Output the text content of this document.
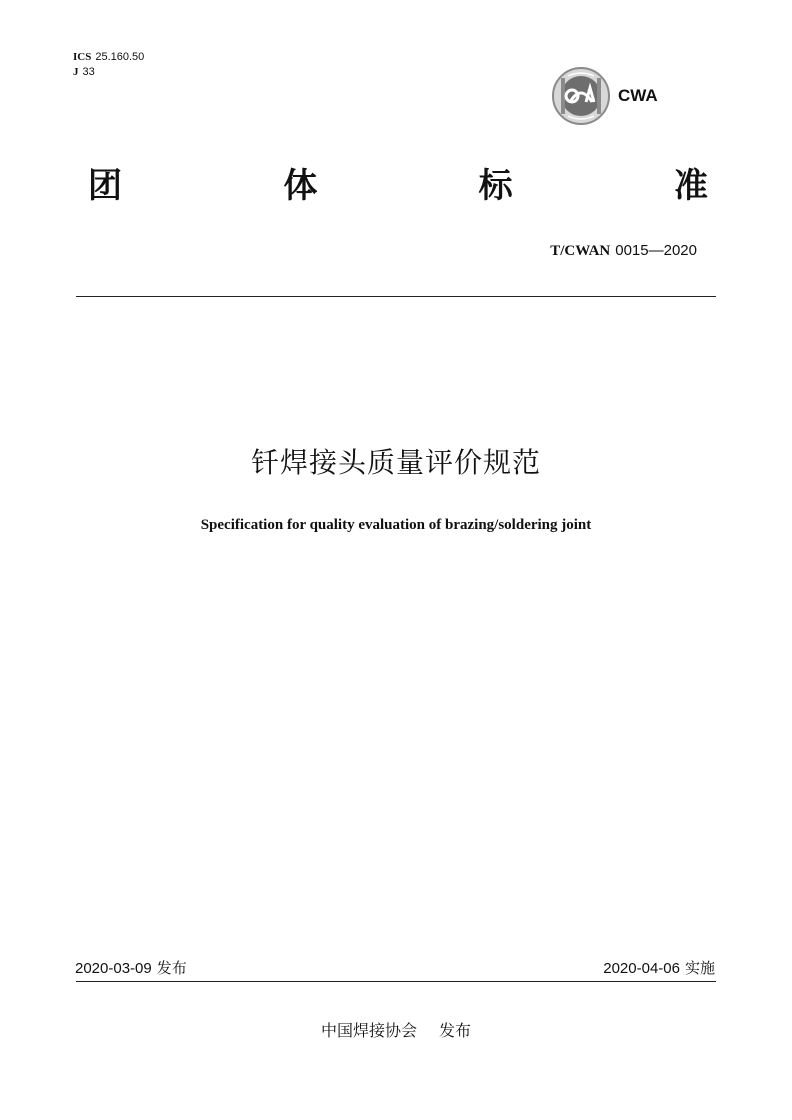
ICS 25.160.50
J 33
CWA
团	体	标	准
T/CWAN 0015—2020
钎焊接头质量评价规范
Specification for quality evaluation of brazing/soldering joint
2020-03-09 发布	2020-04-06 实施
中国焊接协会 发布
